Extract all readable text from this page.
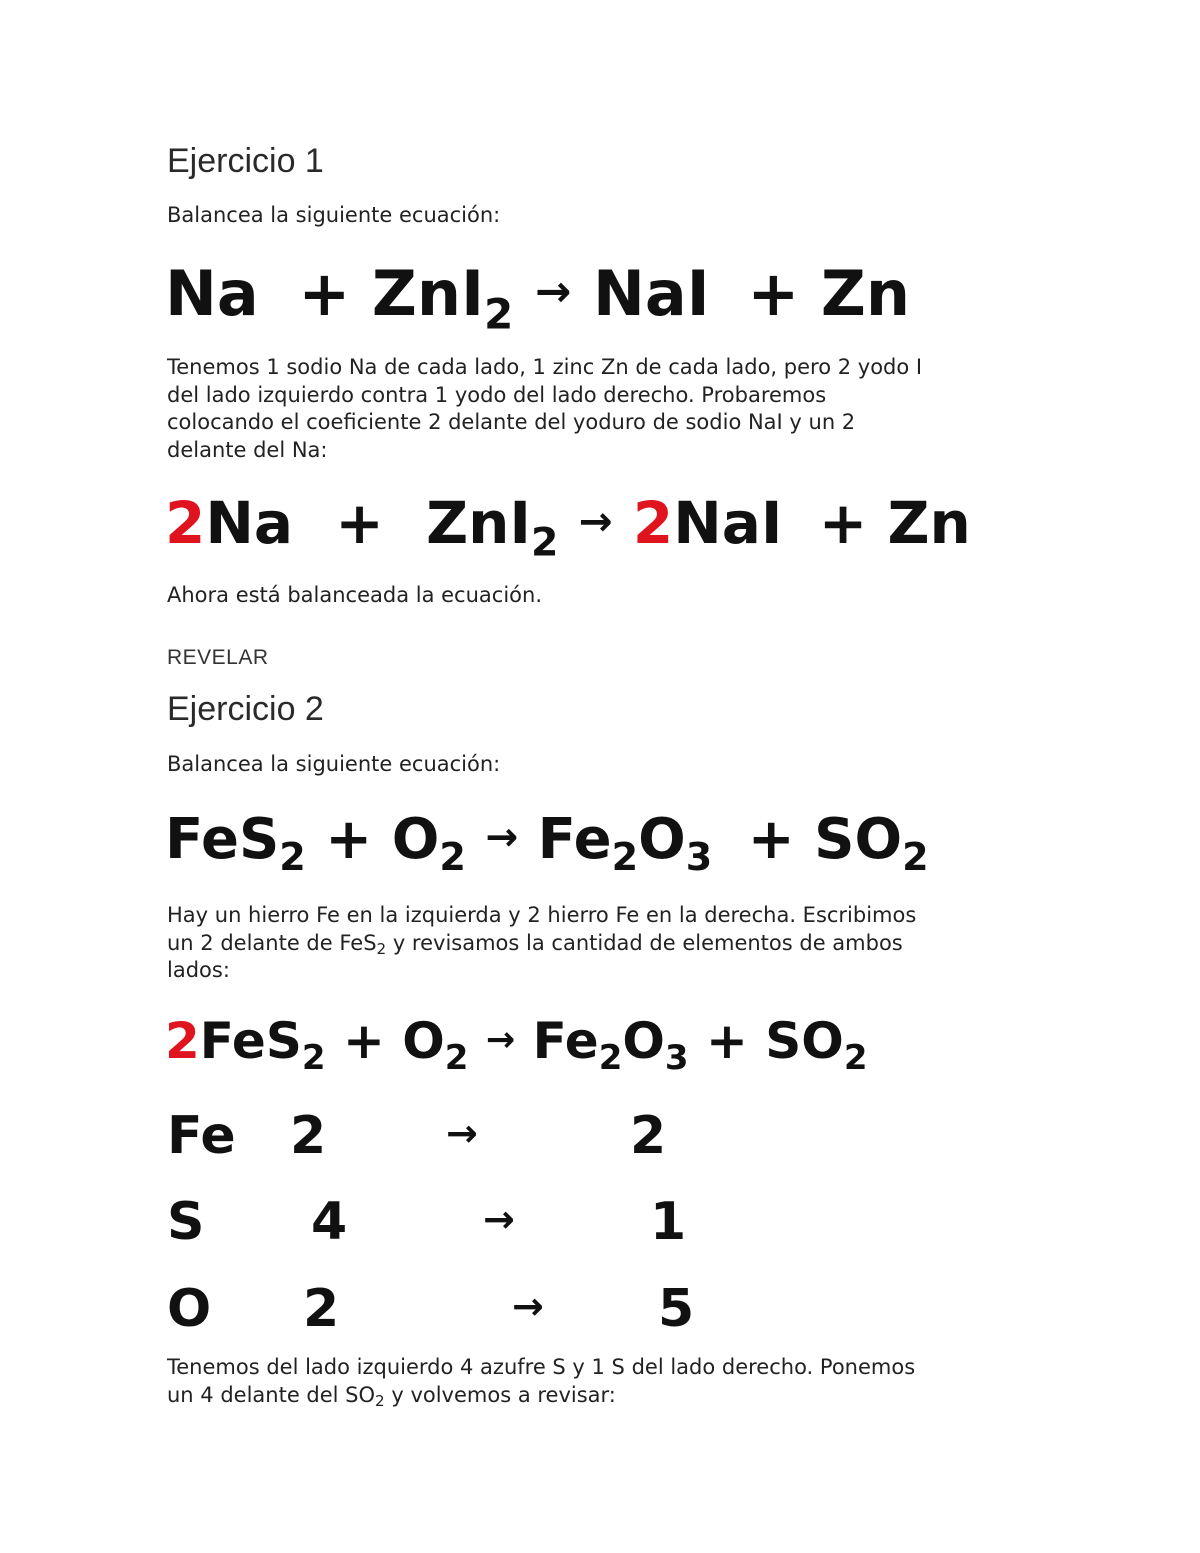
Ejercicio 1
Balancea la siguiente ecuación:
Na + ZnI$_2$ → NaI + Zn
Tenemos 1 sodio Na de cada lado, 1 zinc Zn de cada lado, pero 2 yodo I
del lado izquierdo contra 1 yodo del lado derecho. Probaremos
colocando el coeficiente 2 delante del yoduro de sodio NaI y un 2
delante del Na:
2Na + ZnI$_2$ → 2NaI + Zn
Ahora está balanceada la ecuación.
REVELAR
Ejercicio 2
Balancea la siguiente ecuación:
$FeS_2 + O_2 \to Fe_2O_3 + SO_2$
Hay un hierro Fe en la izquierda y 2 hierro Fe en la derecha. Escribimos
un 2 delante de FeS$_2$ y revisamos la cantidad de elementos de ambos
lados:
$2FeS_2 + O_2 \to Fe_2O_3 + SO_2$
Fe 2	→	2
S 4	→	1
O 2	→ 5
Tenemos del lado izquierdo 4 azufre S y 1 S del lado derecho. Ponemos
un 4 delante del $SO_2$ y volvemos a revisar:
